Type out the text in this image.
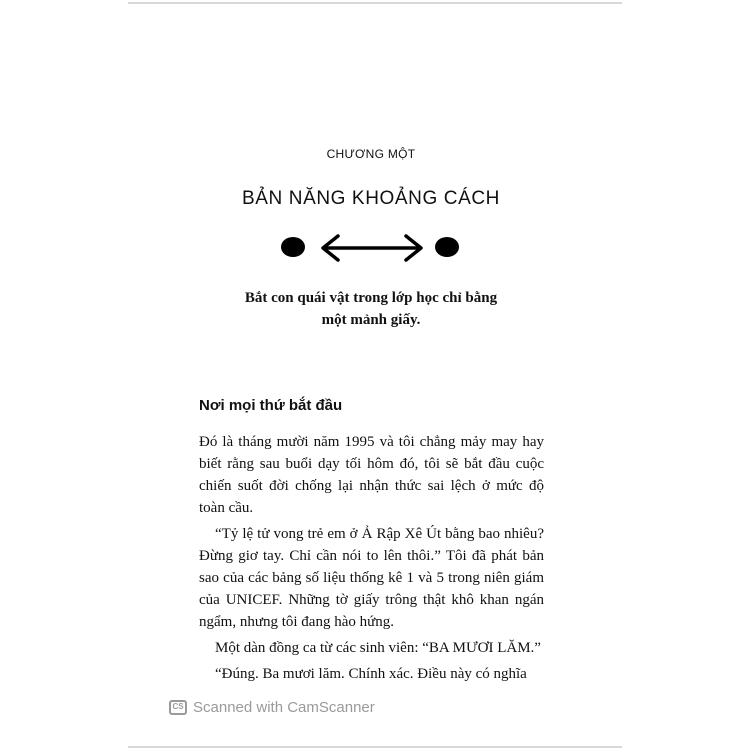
CHƯƠNG MỘT
BẢN NĂNG KHOẢNG CÁCH
Bắt con quái vật trong lớp học chỉ bằng
một mảnh giấy.
Nơi mọi thứ bắt đầu

Đó là tháng mười năm 1995 và tôi chẳng mảy may hay biết rằng sau buổi dạy tối hôm đó, tôi sẽ bắt đầu cuộc chiến suốt đời chống lại nhận thức sai lệch ở mức độ toàn cầu.

“Tỷ lệ tử vong trẻ em ở Ả Rập Xê Út bằng bao nhiêu? Đừng giơ tay. Chỉ cần nói to lên thôi.” Tôi đã phát bản sao của các bảng số liệu thống kê 1 và 5 trong niên giám của UNICEF. Những tờ giấy trông thật khô khan ngán ngẩm, nhưng tôi đang hào hứng.

Một dàn đồng ca từ các sinh viên: “BA MƯƠI LĂM.”

“Đúng. Ba mươi lăm. Chính xác. Điều này có nghĩa

CS Scanned with CamScanner
